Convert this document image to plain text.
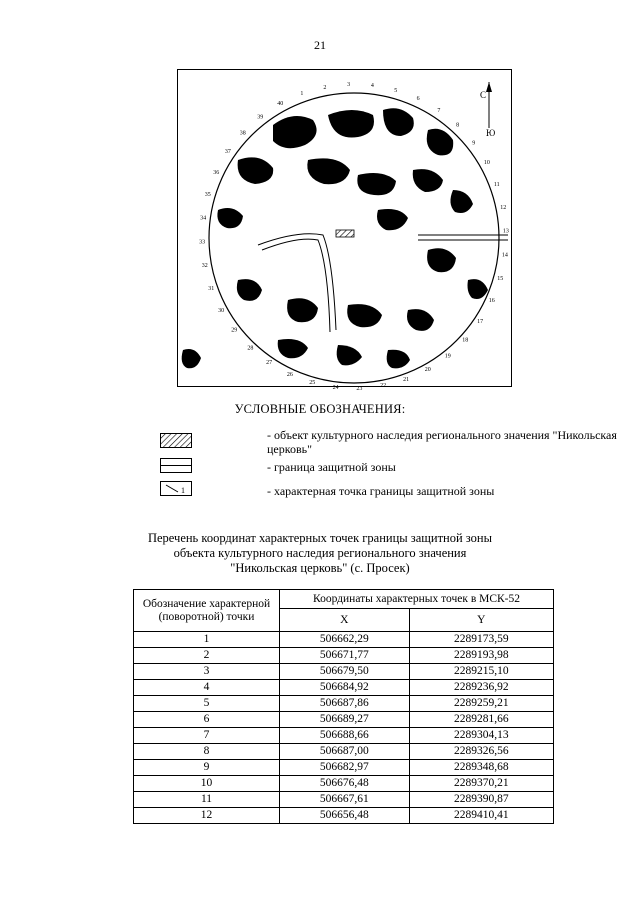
21
С
Ю
1
2	3	4
5
6
7
8
9
10
11
12
13
14
15
16
17
18
19
20
21
22
23
24
25
26
27
28
29
30
31
32
33
34
35
36
37
38
39
40
УСЛОВНЫЕ ОБОЗНАЧЕНИЯ:
- объект культурного наследия регионального значения "Никольская церковь"
- граница защитной зоны
1	- характерная точка границы защитной зоны
Перечень координат характерных точек границы защитной зоны
объекта культурного наследия регионального значения
"Никольская церковь" (с. Просек)
Обозначение характерной (поворотной) точки	Координаты характерных точек в МСК-52	
	X	Y
1	506662,29	2289173,59
2	506671,77	2289193,98
3	506679,50	2289215,10
4	506684,92	2289236,92
5	506687,86	2289259,21
6	506689,27	2289281,66
7	506688,66	2289304,13
8	506687,00	2289326,56
9	506682,97	2289348,68
10	506676,48	2289370,21
11	506667,61	2289390,87
12	506656,48	2289410,41
